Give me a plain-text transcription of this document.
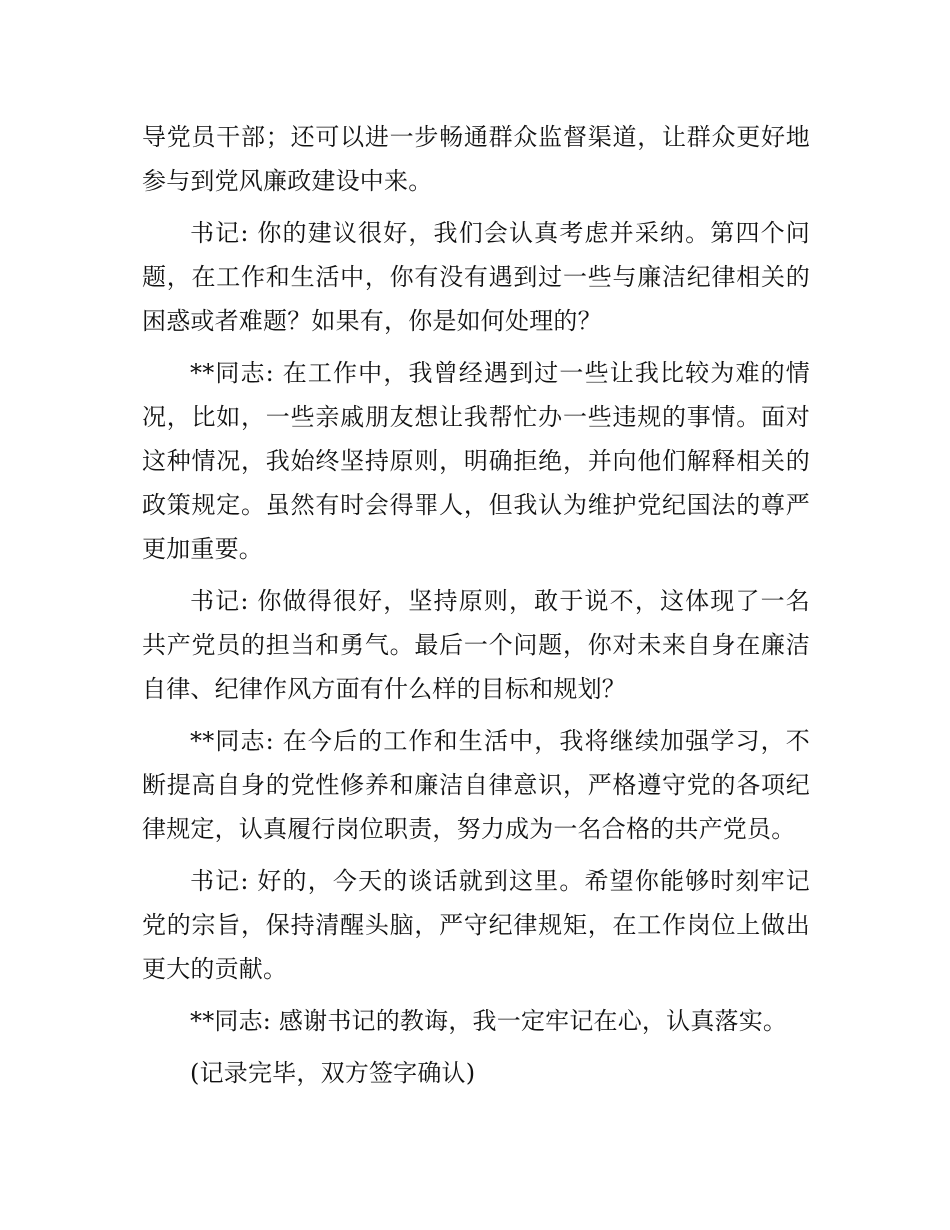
导党员干部；还可以进一步畅通群众监督渠道，让群众更好地参与到党风廉政建设中来。

书记: 你的建议很好，我们会认真考虑并采纳。第四个问题，在工作和生活中，你有没有遇到过一些与廉洁纪律相关的困惑或者难题？如果有，你是如何处理的？

**同志: 在工作中，我曾经遇到过一些让我比较为难的情况，比如，一些亲戚朋友想让我帮忙办一些违规的事情。面对这种情况，我始终坚持原则，明确拒绝，并向他们解释相关的政策规定。虽然有时会得罪人，但我认为维护党纪国法的尊严更加重要。

书记: 你做得很好，坚持原则，敢于说不，这体现了一名共产党员的担当和勇气。最后一个问题，你对未来自身在廉洁自律、纪律作风方面有什么样的目标和规划？

**同志: 在今后的工作和生活中，我将继续加强学习，不断提高自身的党性修养和廉洁自律意识，严格遵守党的各项纪律规定，认真履行岗位职责，努力成为一名合格的共产党员。

书记: 好的，今天的谈话就到这里。希望你能够时刻牢记党的宗旨，保持清醒头脑，严守纪律规矩，在工作岗位上做出更大的贡献。

**同志: 感谢书记的教诲，我一定牢记在心，认真落实。

(记录完毕，双方签字确认)
